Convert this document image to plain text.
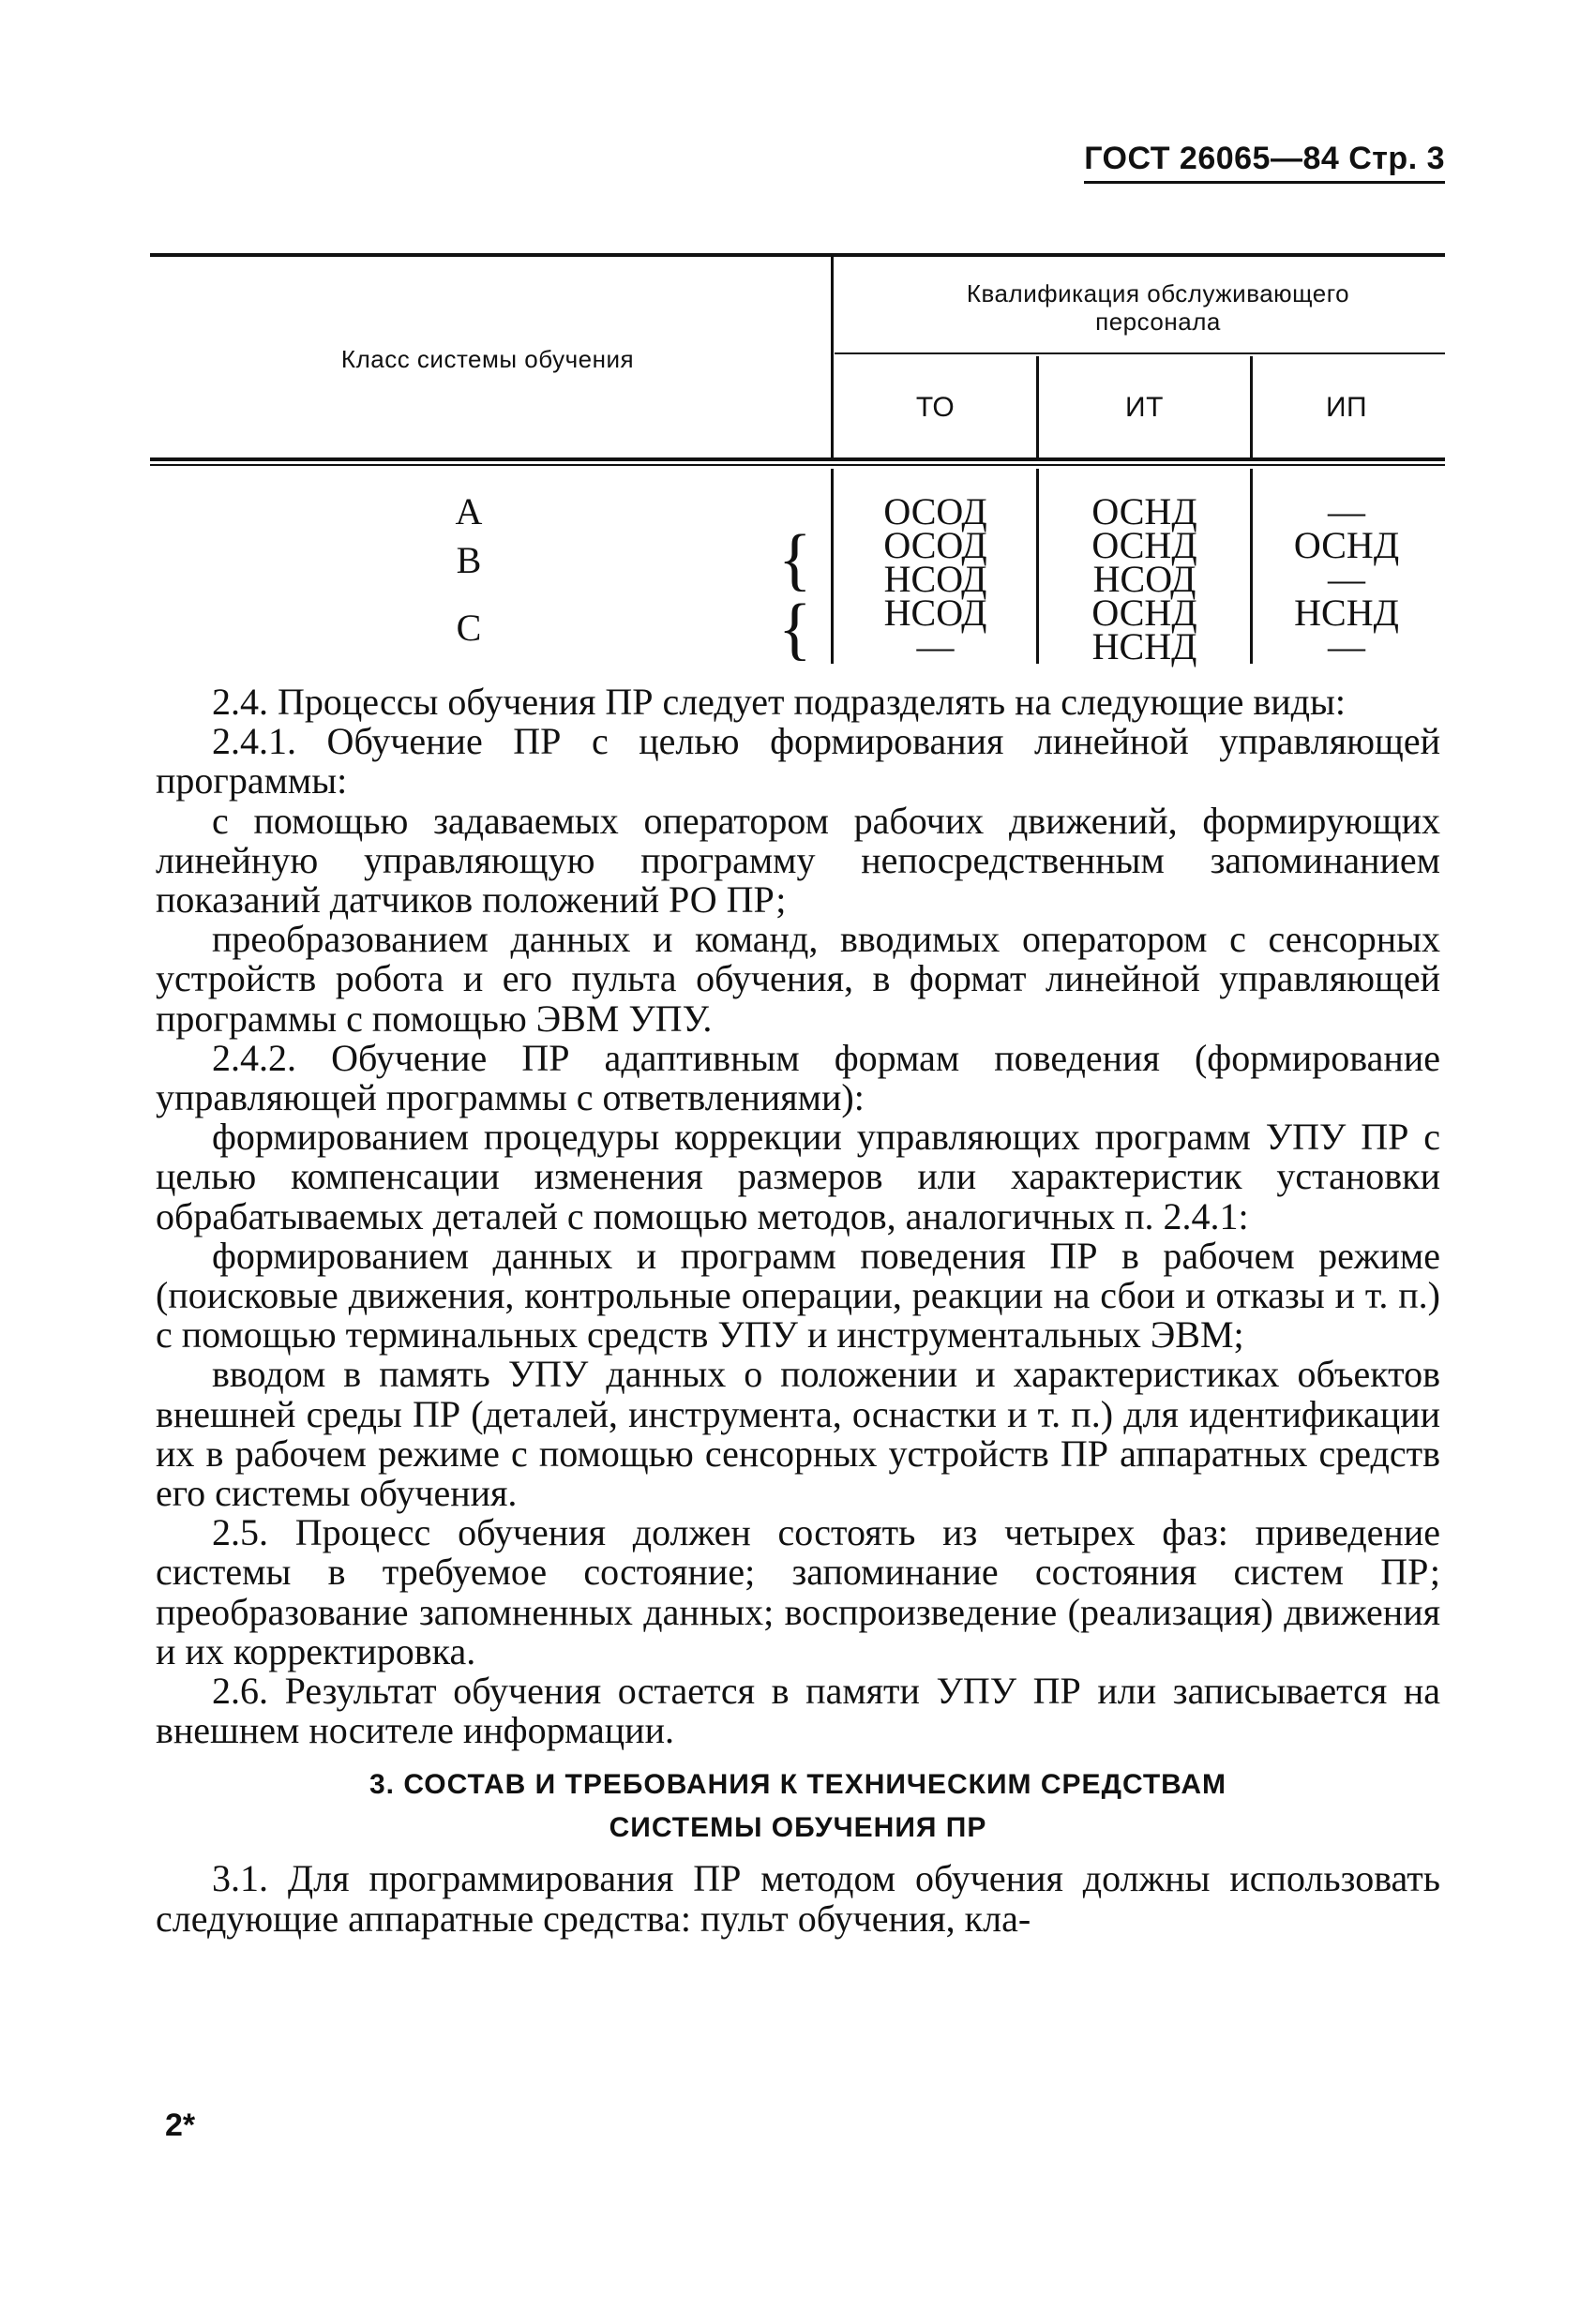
ГОСТ 26065—84 Стр. 3
Класс системы обучения
Квалификация обслуживающего персонала
ТО	ИТ	ИП
А
В
С
{
{
ОСОД
ОСОД
НСОД
НСОД
—
ОСНД
ОСНД
НСОД
ОСНД
НСНД
—
ОСНД
—
НСНД
—

2.4. Процессы обучения ПР следует подразделять на следующие виды:

2.4.1. Обучение ПР с целью формирования линейной управляющей программы:

с помощью задаваемых оператором рабочих движений, формирующих линейную управляющую программу непосредственным запоминанием показаний датчиков положений РО ПР;

преобразованием данных и команд, вводимых оператором с сенсорных устройств робота и его пульта обучения, в формат линейной управляющей программы с помощью ЭВМ УПУ.

2.4.2. Обучение ПР адаптивным формам поведения (формирование управляющей программы с ответвлениями):

формированием процедуры коррекции управляющих программ УПУ ПР с целью компенсации изменения размеров или характеристик установки обрабатываемых деталей с помощью методов, аналогичных п. 2.4.1:

формированием данных и программ поведения ПР в рабочем режиме (поисковые движения, контрольные операции, реакции на сбои и отказы и т. п.) с помощью терминальных средств УПУ и инструментальных ЭВМ;

вводом в память УПУ данных о положении и характеристиках объектов внешней среды ПР (деталей, инструмента, оснастки и т. п.) для идентификации их в рабочем режиме с помощью сенсорных устройств ПР аппаратных средств его системы обучения.

2.5. Процесс обучения должен состоять из четырех фаз: приведение системы в требуемое состояние; запоминание состояния систем ПР; преобразование запомненных данных; воспроизведение (реализация) движения и их корректировка.

2.6. Результат обучения остается в памяти УПУ ПР или записывается на внешнем носителе информации.

3. СОСТАВ И ТРЕБОВАНИЯ К ТЕХНИЧЕСКИМ СРЕДСТВАМ
СИСТЕМЫ ОБУЧЕНИЯ ПР

3.1. Для программирования ПР методом обучения должны использовать следующие аппаратные средства: пульт обучения, кла-

2*
